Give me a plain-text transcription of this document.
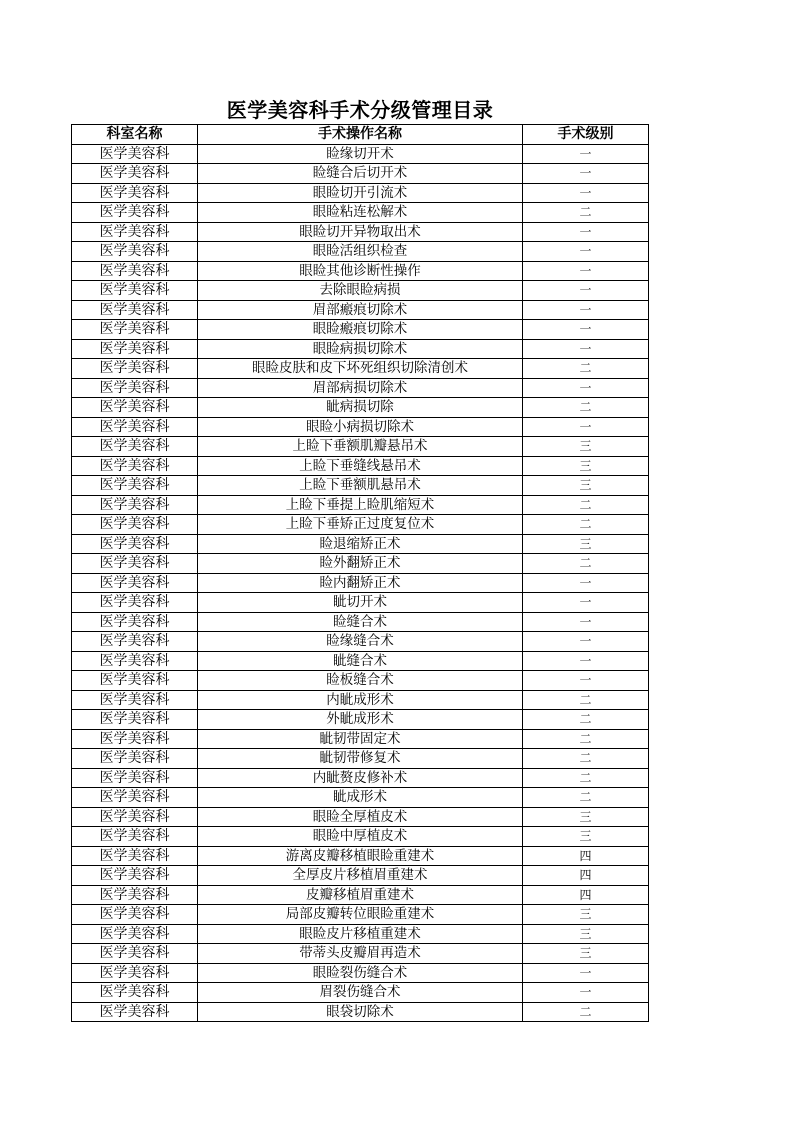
医学美容科手术分级管理目录
科室名称	手术操作名称	手术级别
医学美容科	睑缘切开术	一
医学美容科	睑缝合后切开术	一
医学美容科	眼睑切开引流术	一
医学美容科	眼睑粘连松解术	二
医学美容科	眼睑切开异物取出术	一
医学美容科	眼睑活组织检查	一
医学美容科	眼睑其他诊断性操作	一
医学美容科	去除眼睑病损	一
医学美容科	眉部瘢痕切除术	一
医学美容科	眼睑瘢痕切除术	一
医学美容科	眼睑病损切除术	一
医学美容科	眼睑皮肤和皮下坏死组织切除清创术	二
医学美容科	眉部病损切除术	一
医学美容科	眦病损切除	二
医学美容科	眼睑小病损切除术	一
医学美容科	上睑下垂额肌瓣悬吊术	三
医学美容科	上睑下垂缝线悬吊术	三
医学美容科	上睑下垂额肌悬吊术	三
医学美容科	上睑下垂提上睑肌缩短术	二
医学美容科	上睑下垂矫正过度复位术	二
医学美容科	睑退缩矫正术	三
医学美容科	睑外翻矫正术	二
医学美容科	睑内翻矫正术	一
医学美容科	眦切开术	一
医学美容科	睑缝合术	一
医学美容科	睑缘缝合术	一
医学美容科	眦缝合术	一
医学美容科	睑板缝合术	一
医学美容科	内眦成形术	二
医学美容科	外眦成形术	二
医学美容科	眦韧带固定术	二
医学美容科	眦韧带修复术	二
医学美容科	内眦赘皮修补术	二
医学美容科	眦成形术	二
医学美容科	眼睑全厚植皮术	三
医学美容科	眼睑中厚植皮术	三
医学美容科	游离皮瓣移植眼睑重建术	四
医学美容科	全厚皮片移植眉重建术	四
医学美容科	皮瓣移植眉重建术	四
医学美容科	局部皮瓣转位眼睑重建术	三
医学美容科	眼睑皮片移植重建术	三
医学美容科	带蒂头皮瓣眉再造术	三
医学美容科	眼睑裂伤缝合术	一
医学美容科	眉裂伤缝合术	一
医学美容科	眼袋切除术	二
